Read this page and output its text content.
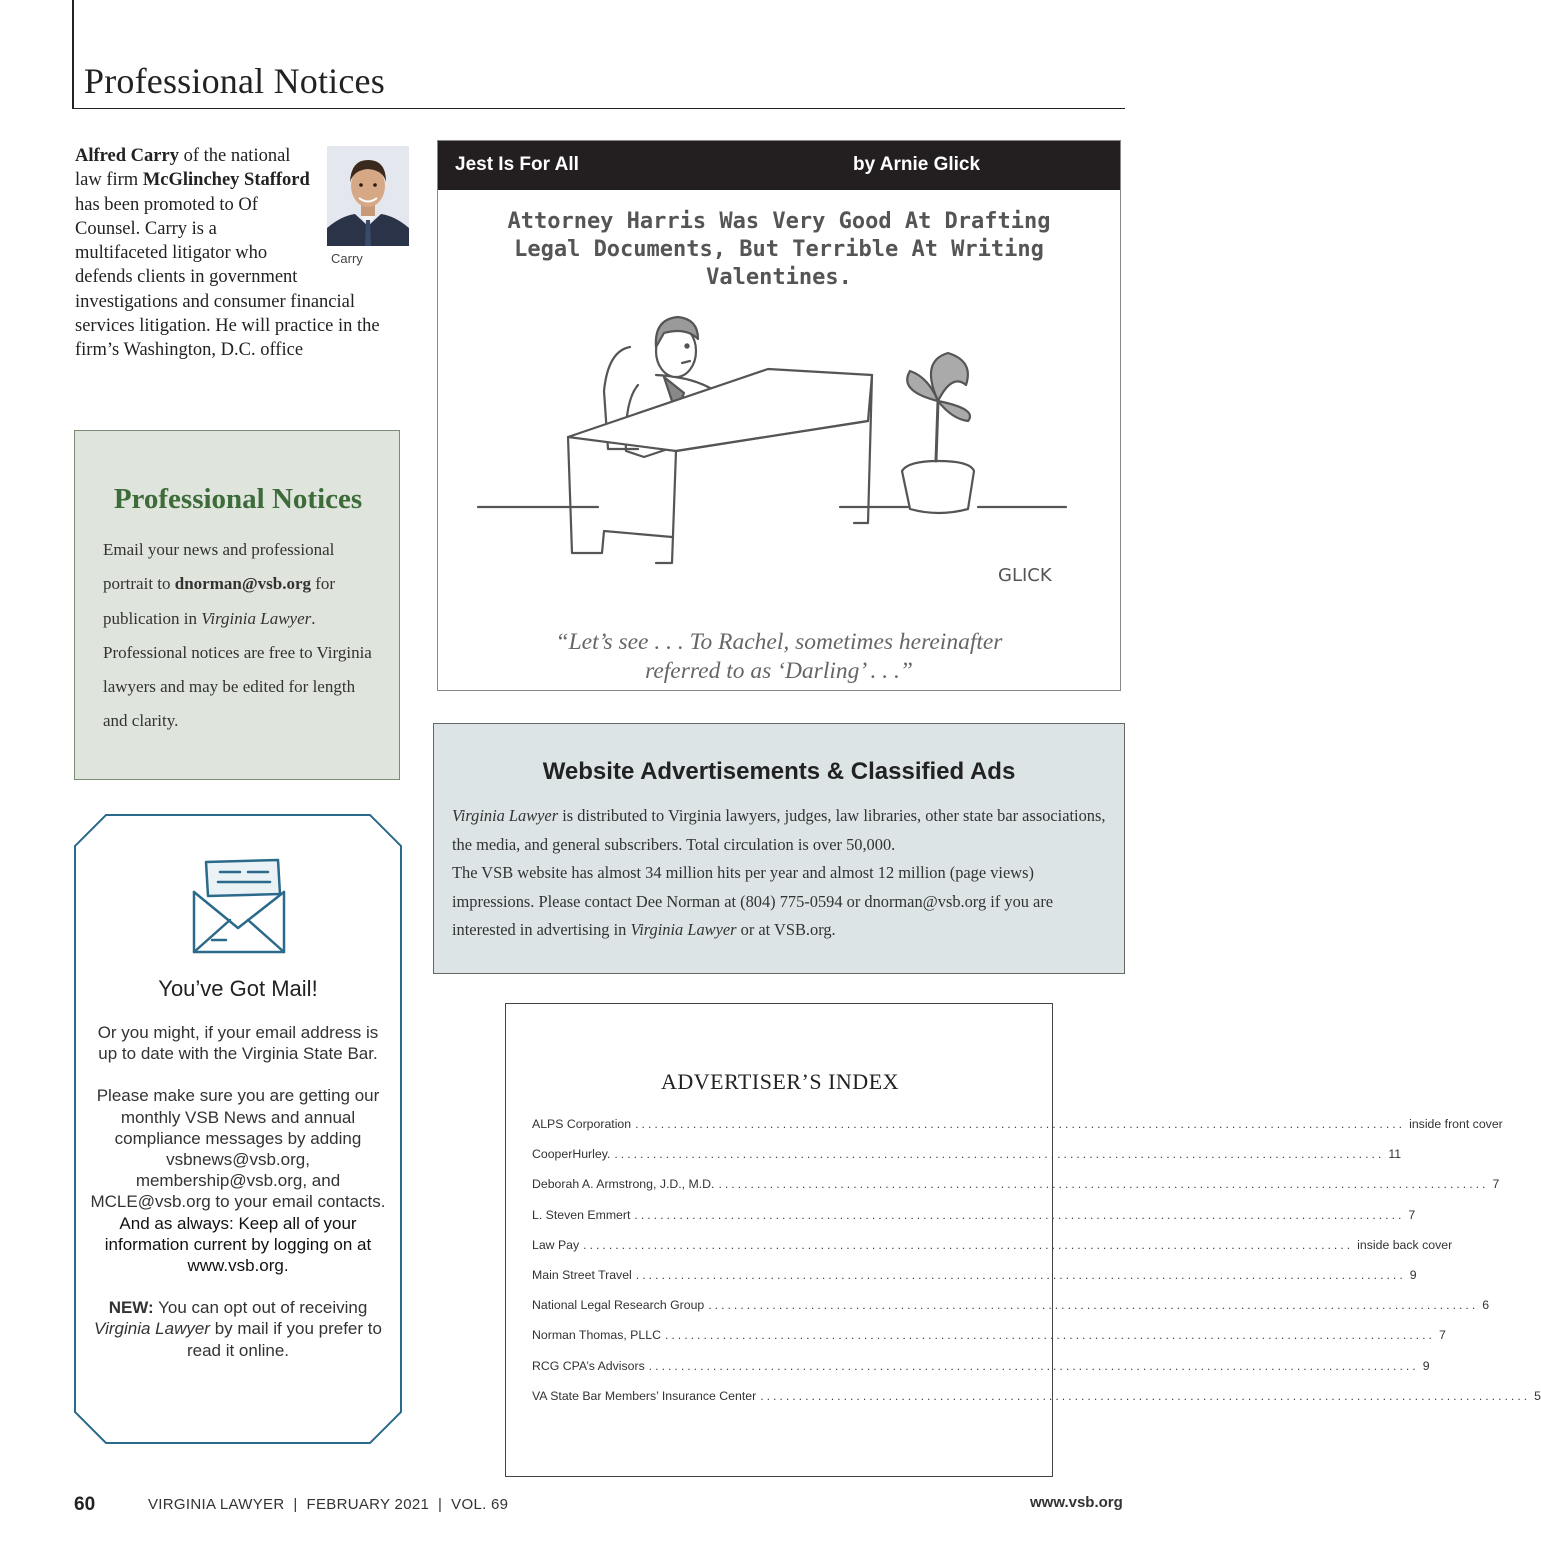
Professional Notices
Alfred Carry of the national law firm McGlinchey Stafford has been promoted to Of Counsel. Carry is a multifaceted litigator who defends clients in government investigations and consumer financial services litigation. He will practice in the firm’s Washington, D.C. office
Carry
Professional Notices
Email your news and professional portrait to dnorman@vsb.org for publication in Virginia Lawyer. Professional notices are free to Virginia lawyers and may be edited for length and clarity.
You’ve Got Mail!

Or you might, if your email address is up to date with the Virginia State Bar.

Please make sure you are getting our monthly VSB News and annual compliance messages by adding vsbnews@vsb.org, membership@vsb.org, and MCLE@vsb.org to your email contacts.

And as always: Keep all of your information current by logging on at www.vsb.org.

NEW: You can opt out of receiving Virginia Lawyer by mail if you prefer to read it online.

Jest Is For All	by Arnie Glick
Attorney Harris Was Very Good At Drafting
Legal Documents, But Terrible At Writing Valentines.
GLICK
“Let’s see . . . To Rachel, sometimes hereinafter
referred to as ‘Darling’ . . .”
Website Advertisements & Classified Ads
Virginia Lawyer is distributed to Virginia lawyers, judges, law libraries, other state bar associations, the media, and general subscribers. Total circulation is over 50,000.
The VSB website has almost 34 million hits per year and almost 12 million (page views) impressions. Please contact Dee Norman at (804) 775-0594 or dnorman@vsb.org if you are interested in advertising in Virginia Lawyer or at VSB.org.
ADVERTISER’S INDEX
ALPS Corporation ........................................................................................................................ inside front cover
CooperHurley. ........................................................................................................................ 11
Deborah A. Armstrong, J.D., M.D. ........................................................................................................................ 7
L. Steven Emmert ........................................................................................................................ 7
Law Pay ........................................................................................................................ inside back cover
Main Street Travel ........................................................................................................................ 9
National Legal Research Group ........................................................................................................................ 6
Norman Thomas, PLLC ........................................................................................................................ 7
RCG CPA’s Advisors ........................................................................................................................ 9
VA State Bar Members’ Insurance Center ........................................................................................................................ 5
60	VIRGINIA LAWYER  |  FEBRUARY 2021  |  VOL. 69	www.vsb.org
